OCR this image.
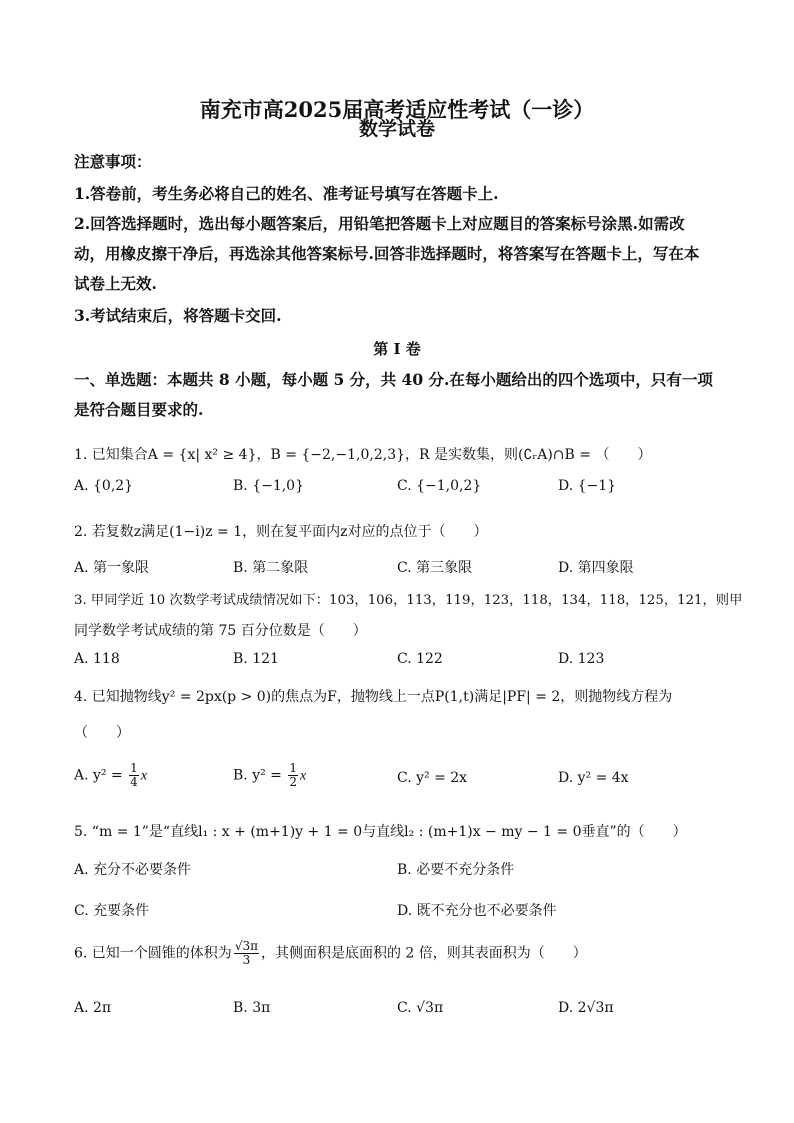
南充市高2025届高考适应性考试（一诊）
数学试卷
注意事项：
1.答卷前，考生务必将自己的姓名、准考证号填写在答题卡上.
2.回答选择题时，选出每小题答案后，用铅笔把答题卡上对应题目的答案标号涂黑.如需改
动，用橡皮擦干净后，再选涂其他答案标号.回答非选择题时，将答案写在答题卡上，写在本
试卷上无效.
3.考试结束后，将答题卡交回.
第 I 卷
一、单选题：本题共 8 小题，每小题 5 分，共 40 分.在每小题给出的四个选项中，只有一项
是符合题目要求的.
1. 已知集合A = {x| x² ≥ 4}，B = {−2,−1,0,2,3}，R 是实数集，则(∁ᵣA)∩B = （　　）
A. {0,2}	B. {−1,0}	C. {−1,0,2}	D. {−1}
2. 若复数z满足(1−i)z = 1，则在复平面内z对应的点位于（　　）
A. 第一象限	B. 第二象限	C. 第三象限	D. 第四象限
3. 甲同学近 10 次数学考试成绩情况如下：103，106，113，119，123，118，134，118，125，121，则甲
同学数学考试成绩的第 75 百分位数是（　　）
A. 118	B. 121	C. 122	D. 123
4. 已知抛物线y² = 2px(p > 0)的焦点为F，抛物线上一点P(1,t)满足|PF| = 2，则抛物线方程为
（　　）
A. $y^2 = \frac{1}{4}$ x	B. $y^2 = \frac{1}{2}$ x	C. y² = 2x	D. y² = 4x
5. “m = 1”是“直线l₁ : x + (m+1)y + 1 = 0与直线l₂ : (m+1)x − my − 1 = 0垂直”的（　　）
A. 充分不必要条件	B. 必要不充分条件
C. 充要条件	D. 既不充分也不必要条件
6. 已知一个圆锥的体积为 $\frac{√3\pi}{3}$ ，其侧面积是底面积的 2 倍，则其表面积为（　　）
A. 2π	B. 3π	C. √3π	D. 2√3π
